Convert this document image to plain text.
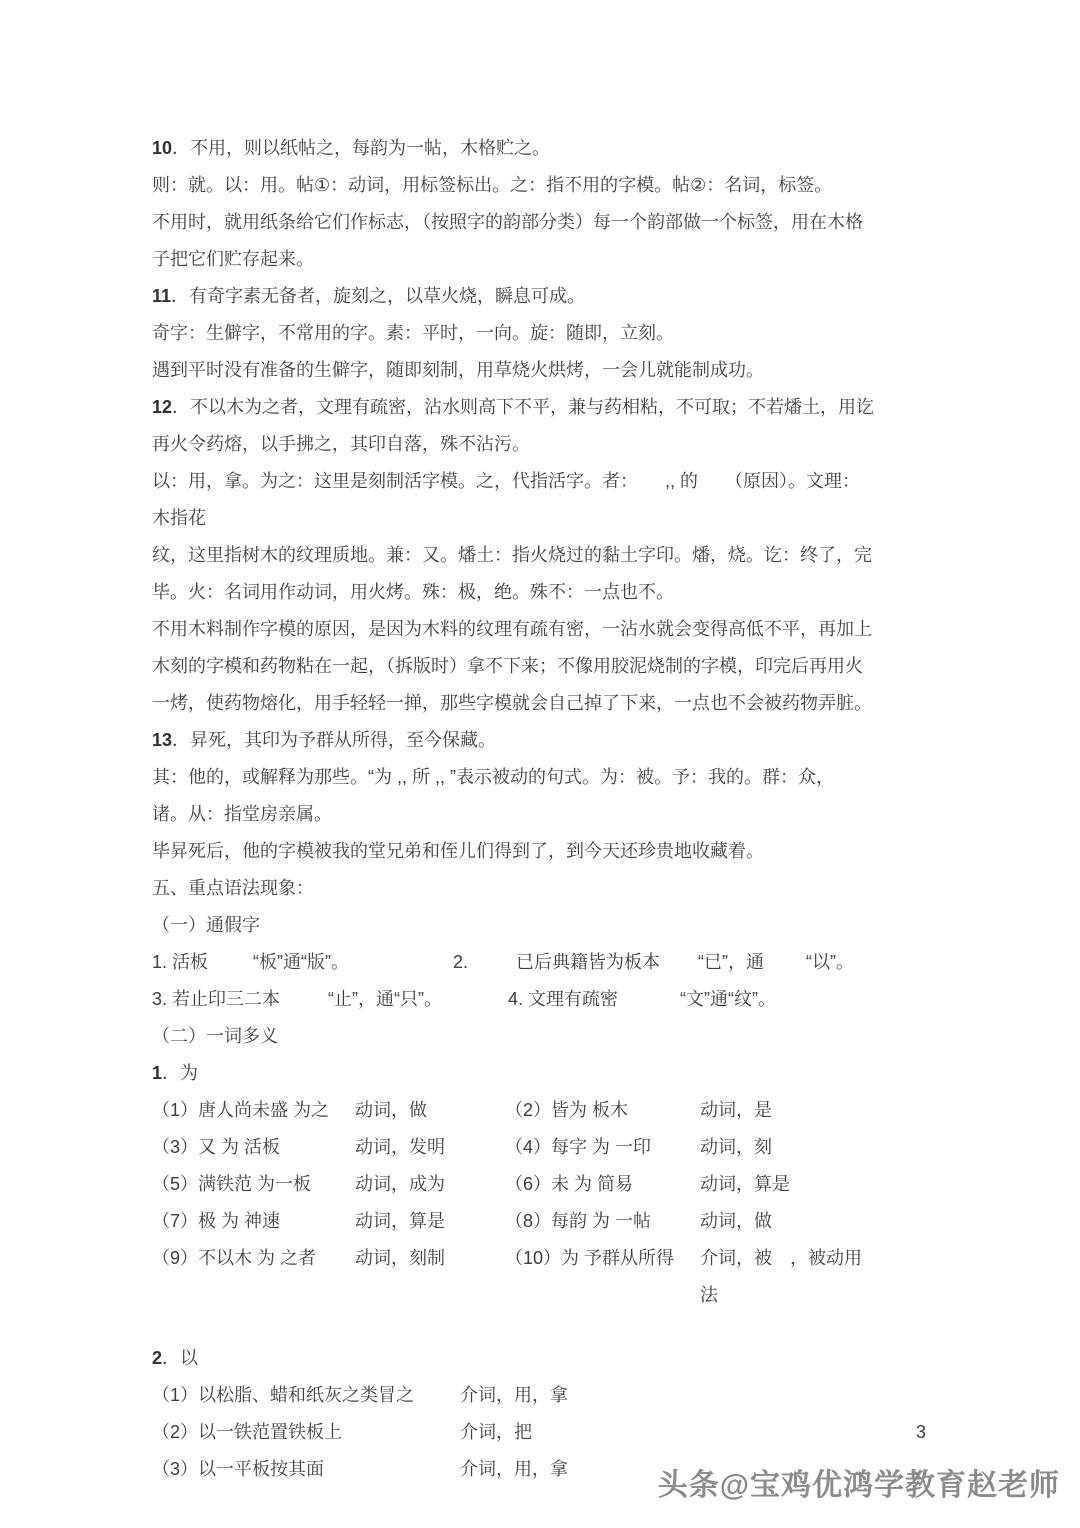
10．不用，则以纸帖之，每韵为一帖，木格贮之。

则：就。以：用。帖①：动词，用标签标出。之：指不用的字模。帖②：名词，标签。

不用时，就用纸条给它们作标志，（按照字的韵部分类）每一个韵部做一个标签，用在木格

子把它们贮存起来。

11．有奇字素无备者，旋刻之，以草火烧，瞬息可成。

奇字：生僻字，不常用的字。素：平时，一向。旋：随即，立刻。

遇到平时没有准备的生僻字，随即刻制，用草烧火烘烤，一会儿就能制成功。

12．不以木为之者，文理有疏密，沾水则高下不平，兼与药相粘，不可取；不若燔土，用讫

再火令药熔，以手拂之，其印自落，殊不沾污。

以：用，拿。为之：这里是刻制活字模。之，代指活字。者：　　,, 的　　（原因）。文理：木指花

纹，这里指树木的纹理质地。兼：又。燔土：指火烧过的黏土字印。燔，烧。讫：终了，完

毕。火：名词用作动词，用火烤。殊：极，绝。殊不：一点也不。

不用木料制作字模的原因，是因为木料的纹理有疏有密，一沾水就会变得高低不平，再加上

木刻的字模和药物粘在一起，（拆版时）拿不下来；不像用胶泥烧制的字模，印完后再用火

一烤，使药物熔化，用手轻轻一掸，那些字模就会自己掉了下来，一点也不会被药物弄脏。

13．昇死，其印为予群从所得，至今保藏。

其：他的，或解释为那些。“为 ,, 所 ,, ”表示被动的句式。为：被。予：我的。群：众，

诸。从：指堂房亲属。

毕昇死后，他的字模被我的堂兄弟和侄儿们得到了，到今天还珍贵地收藏着。

五、重点语法现象：

（一）通假字

1. 活板	“板”通“版”。	2.	已后典籍皆为板本	“已”，通	“以”。
3. 若止印三二本	“止”，通“只”。	4. 文理有疏密	“文”通“纹”。

（二）一词多义

1．为

（1）唐人尚未盛 为之	动词，做	（2）皆为 板木	动词，是
（3）又 为 活板	动词，发明	（4）每字 为 一印	动词，刻
（5）满铁范 为一板	动词，成为	（6）未 为 简易	动词，算是
（7）极 为 神速	动词，算是	（8）每韵 为 一帖	动词，做
（9）不以木 为 之者	动词，刻制	（10）为 予群从所得	介词，被　，被动用法

2．以

（1）以松脂、蜡和纸灰之类冒之	介词，用，拿
（2）以一铁范置铁板上	介词，把
（3）以一平板按其面	介词，用，拿
3
头条@宝鸡优鸿学教育赵老师
